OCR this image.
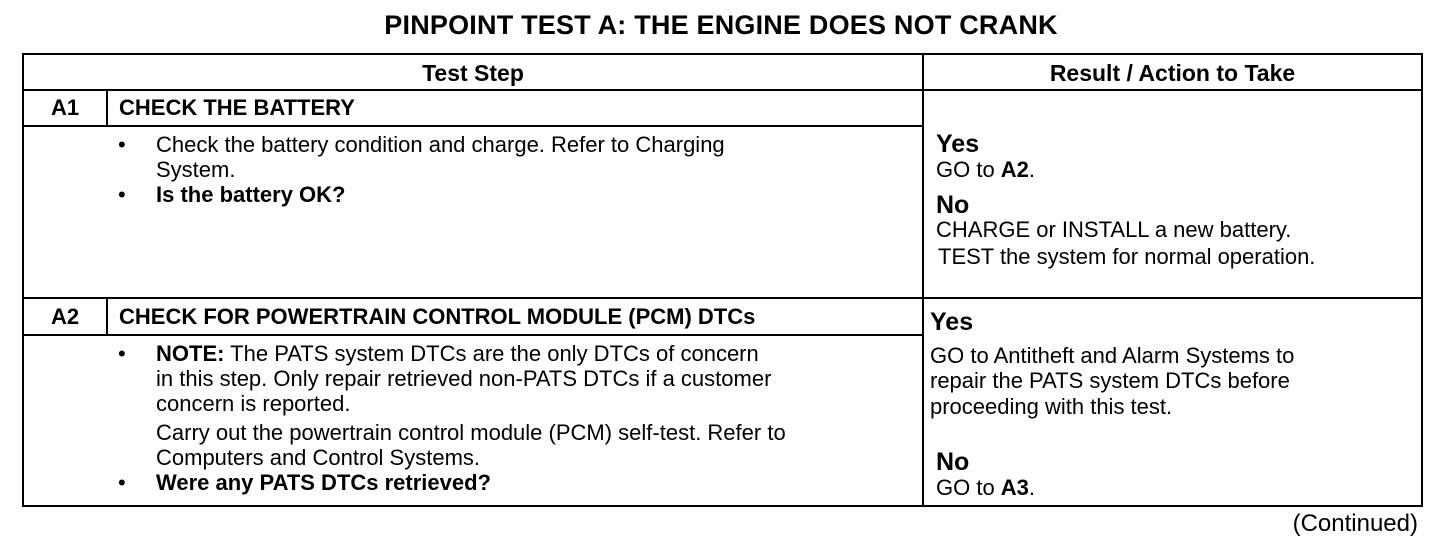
PINPOINT TEST A: THE ENGINE DOES NOT CRANK
Test Step	Result / Action to Take
A1	CHECK THE BATTERY
• Check the battery condition and charge. Refer to Charging
System.
• Is the battery OK?
Yes
GO to A2.
No
CHARGE or INSTALL a new battery.
TEST the system for normal operation.
A2	CHECK FOR POWERTRAIN CONTROL MODULE (PCM) DTCs
• NOTE: The PATS system DTCs are the only DTCs of concern
in this step. Only repair retrieved non-PATS DTCs if a customer
concern is reported.
Carry out the powertrain control module (PCM) self-test. Refer to
Computers and Control Systems.
• Were any PATS DTCs retrieved?
Yes
GO to Antitheft and Alarm Systems to
repair the PATS system DTCs before
proceeding with this test.
No
GO to A3.
(Continued)
